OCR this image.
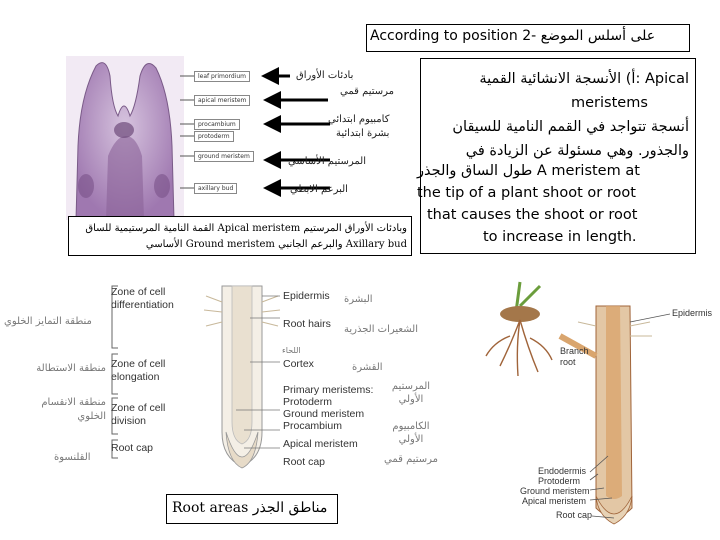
According to position على أسلس الموضع -2
أ) الأنسجة الانشائية القمية: Apical
meristems
أنسجة تتواجد في القمم النامية للسيقان
والجذور. وهي مسئولة عن الزيادة في
طول الساق والجذر A meristem at
the tip of a plant shoot or root
that causes the shoot or root
to increase in length.
leaf primordium
apical meristem
procambium
protoderm
ground meristem
axillary bud
بادئات الأوراق
مرستيم قمي
كامبيوم ابتدائي
بشرة ابتدائية
المرستيم الأساسي
البرعم الابطي
القمة النامية المرستيمية للساق Apical meristem وبادئات الأوراق المرستيم
الأساسي Ground meristem والبرعم الجانبي Axillary bud
Zone of cell differentiation
Zone of cell elongation
Zone of cell division
Root cap
منطقة التمايز الخلوي
منطقة الاستطالة
منطقة الانقسام الخلوي
القلنسوة
Epidermis
Root hairs
اللحاء
Cortex
Primary meristems:
Protoderm
Ground meristem
Procambium
Apical meristem
Root cap
البشرة
الشعيرات الجذرية
القشرة
المرستيم الأولي
الكامبيوم الأولي
مرستيم قمي
Branch root
Epidermis
Endodermis
Protoderm
Ground meristem
Apical meristem
Root cap
Root areas مناطق الجذر
